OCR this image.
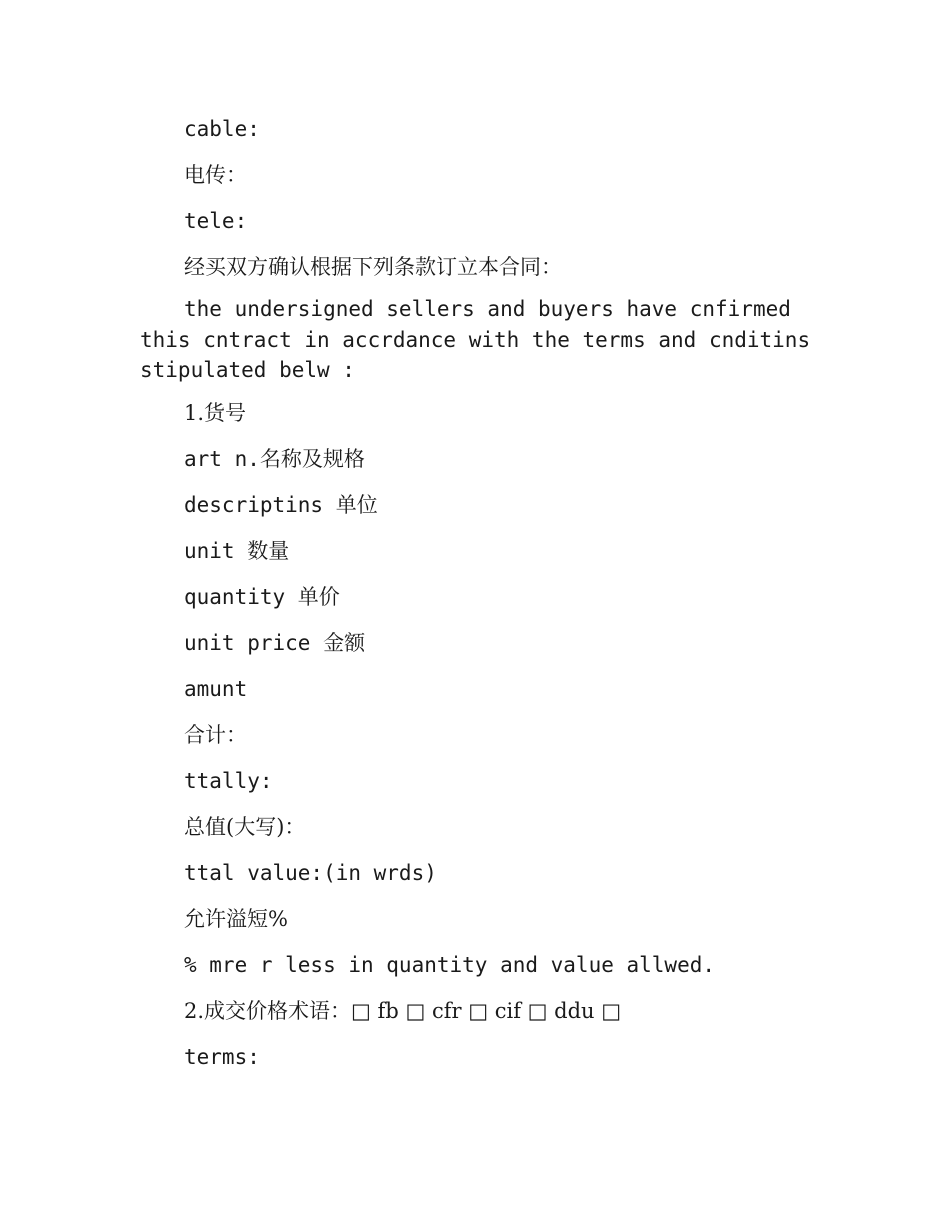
cable:

电传：

tele:

经买双方确认根据下列条款订立本合同：

the undersigned sellers and buyers have cnfirmed this cntract in accrdance with the terms and cnditins stipulated belw :

1.货号

art n.名称及规格

descriptins 单位

unit 数量

quantity 单价

unit price 金额

amunt

合计：

ttally:

总值(大写)：

ttal value:(in wrds)

允许溢短%

% mre r less in quantity and value allwed.

2.成交价格术语：□ fb □ cfr □ cif □ ddu □

terms:
